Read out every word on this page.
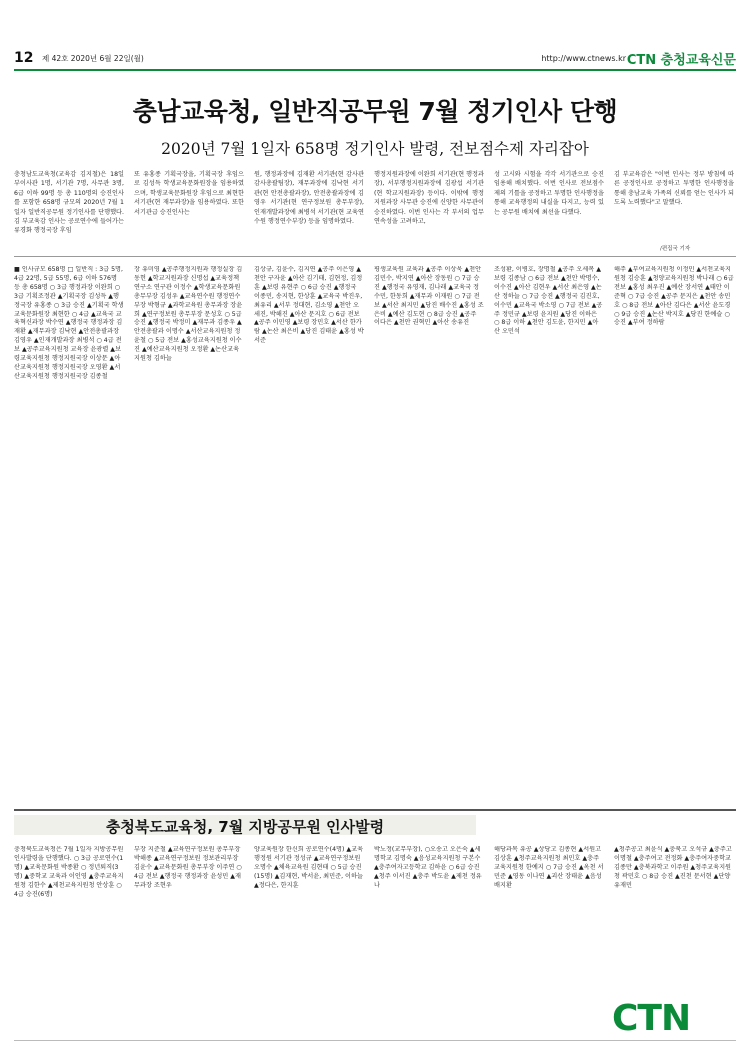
12 제 42호 2020년 6월 22일(월)	http://www.ctnews.kr CTN 충청교육신문
충남교육청, 일반직공무원 7월 정기인사 단행
2020년 7월 1일자 658명 정기인사 발령, 전보점수제 자리잡아
충청남도교육청(교육감 김지철)은 18일 부이사관 1명, 서기관 7명, 사무관 3명, 6급 이하 99명 등 총 110명의 승진인사를 포함한 658명 규모의 2020년 7월 1일자 일반직공무원 정기인사를 단행했다. 김 부교육감 인사는 공로연수에 들어가는 류경화 행정국장 후임
또 유홍종 기획국장을, 기획국장 후임으로 김성득 학생교육문화원장을 임용하였으며, 학생교육문화원장 후임으로 최현한 서기관(현 재무과장)을 임용하였다. 또한 서기관급 승진인사는
원, 행정과장에 김재환 서기관(현 감사관 감사총괄팀장), 재무과장에 김낙현 서기관(현 안전총괄과장), 안전총괄과장에 김영우 서기관(현 연구정보원 총무부장), 인재개발과장에 최병석 서기관(현 교육연수원 행정연수부장) 등을 임명하였다.
행정지원과장에 이완희 서기관(현 행정과장), 서부행정지원과장에 김광섭 서기관(현 학교지원과장) 등이다. 이밖에 행정지원과장 사무관 승진에 신양한 사무관이 승진하였다. 이번 인사는 각 부서의 업무 연속성을 고려하고,
성 고시와 시험을 각각 서기관으로 승진 임용해 배치했다. 이번 인사로 전보점수제의 기틀을 공정하고 투명한 인사행정을 통해 교육행정의 내실을 다지고, 능력 있는 공무원 배치에 최선을 다했다.
김 부교육감은 "이번 인사는 정부 방침에 따른 공정인사로 공정하고 투명한 인사행정을 통해 충남교육 가족의 신뢰를 얻는 인사가 되도록 노력했다"고 말했다.
/편집국 기자
■ 인사규모 658명 □ 일반직 : 3급 5명, 4급 22명, 5급 55명, 6급 이하 576명 등 총 658명 ○ 3급 행정과장 이완희 ○ 3급 기획조정관 ▲기획국장 김성득 ▲행정국장 유홍종 ○ 3급 승진 ▲기획국 학생교육문화원장 최현한 ○ 4급 ▲교육국 교육혁신과장 박수연 ▲행정국 행정과장 김재환 ▲재무과장 김낙현 ▲안전총괄과장 김영우 ▲인재개발과장 최병석 ○ 4급 전보 ▲공주교육지원청 교육장 윤광렬 ▲보령교육지원청 행정지원국장 이상문 ▲아산교육지원청 행정지원국장 오영환 ▲서산교육지원청 행정지원국장 김종철
장 유미영 ▲공주행정지원과 행정실장 김동헌 ▲학교지원과장 신명섭 ▲교육정책연구소 연구관 이정수 ▲학생교육문화원 총무부장 김성우 ▲교육연수원 행정연수부장 박형규 ▲과학교육원 총무과장 장윤희 ▲연구정보원 총무부장 문성호 ○ 5급 승진 ▲행정국 박정미 ▲재무과 김종우 ▲안전총괄과 이명수 ▲서산교육지원청 정윤철 ○ 5급 전보 ▲홍성교육지원청 이수진 ▲예산교육지원청 오정환 ▲논산교육지원청 김하늘
김상규, 김윤수, 김지연 ▲공주 이은영 ▲천안 구자윤 ▲아산 김기태, 김현정, 김정훈 ▲보령 유현주 ○ 6급 승진 ▲행정국 이종민, 송지현, 한상훈 ▲교육국 박진우, 최유리 ▲서부 정대현, 김소영 ▲천안 오세진, 박해진 ▲아산 문지호 ○ 6급 전보 ▲공주 이민영 ▲보령 장민호 ▲서산 한가람 ▲논산 최은비 ▲당진 김태윤 ▲홍성 박서준
평생교육원 교육과 ▲공주 이상욱 ▲천안 김민수, 박지연 ▲아산 장동원 ○ 7급 승진 ▲행정국 유영재, 김나래 ▲교육국 정수민, 한동희 ▲재무과 이재원 ○ 7급 전보 ▲서산 최지민 ▲당진 배수진 ▲홍성 조은비 ▲예산 김도현 ○ 8급 승진 ▲공주 이다은 ▲천안 권혁민 ▲아산 송유진
조성환, 이병호, 장명철 ▲공주 오세복 ▲보령 김종남 ○ 6급 전보 ▲천안 박명수, 이수진 ▲아산 김현우 ▲서산 최은영 ▲논산 정하늘 ○ 7급 승진 ▲행정국 김진호, 이수민 ▲교육국 박소영 ○ 7급 전보 ▲공주 정민규 ▲보령 윤지원 ▲당진 이하은 ○ 8급 이하 ▲천안 김도윤, 한지민 ▲아산 오민석
해주 ▲부여교육지원청 이정민 ▲서천교육지원청 김승훈 ▲청양교육지원청 박나래 ○ 6급 전보 ▲홍성 최우진 ▲예산 장서연 ▲태안 이준혁 ○ 7급 승진 ▲공주 문지은 ▲천안 송민호 ○ 8급 전보 ▲아산 김다은 ▲서산 윤도경 ○ 9급 승진 ▲논산 박지호 ▲당진 한예슬 ○ 승진 ▲부여 정하람
충청북도교육청, 7월 지방공무원 인사발령
충청북도교육청은 7월 1일자 지방공무원 인사발령을 단행했다. ○ 3급 공로연수(1명) ▲교육문화원 박종환 ○ 정년퇴직(3명) ▲중학교 교육과 이인영 ▲충주교육지원청 김한수 ▲제천교육지원청 안상훈 ○ 4급 승진(6명)
부장 지준철 ▲교육연구정보원 총무부장 박해종 ▲교육연구정보원 정보관리부장 김윤수 ▲교육문화원 총무부장 이주연 ○ 4급 전보 ▲행정국 행정과장 윤성민 ▲재무과장 조현우
양교육원장 한신희 공로연수(4명) ▲교육행정원 서기관 정성규 ▲교육연구정보원 오명수 ▲체육교육원 김현태 ○ 5급 승진(15명) ▲김재현, 박서윤, 최민준, 이하늘 ▲정다은, 한지훈
박노정(교무부장), ○오송고 오은숙 ▲세명학교 김명숙 ▲음성교육지원청 구본수 ▲충주여자고등학교 김하윤 ○ 6급 승진 ▲청주 이서진 ▲충주 박도윤 ▲제천 정유나
해당과목 유공 ▲상당고 김종현 ▲서원고 김상훈 ▲청주교육지원청 최민호 ▲충주교육지원청 한예지 ○ 7급 승진 ▲옥천 서민준 ▲영동 이나연 ▲괴산 장태윤 ▲음성 배지환
▲청주공고 최윤식 ▲충북고 오석규 ▲충주고 이명철 ▲충주여고 전정화 ▲충주여자중학교 김종만 ▲충북과학고 이주원 ▲청주교육지원청 곽민호 ○ 8급 승진 ▲진천 문서현 ▲단양 유재민
CTN
